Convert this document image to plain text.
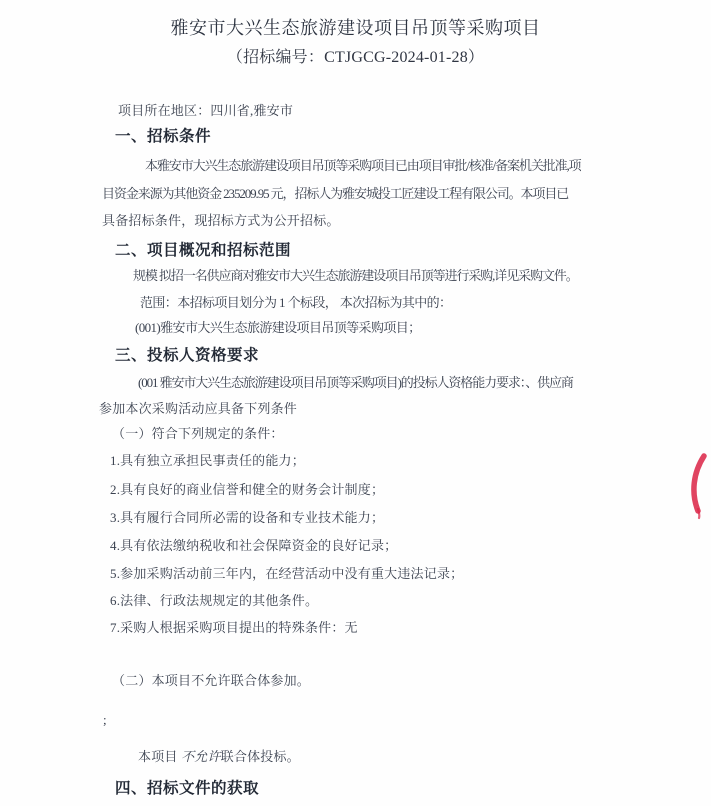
雅安市大兴生态旅游建设项目吊顶等采购项目
（招标编号：CTJGCG-2024-01-28）
项目所在地区：四川省,雅安市
一、招标条件
本雅安市大兴生态旅游建设项目吊顶等采购项目已由项目审批/核准/备案机关批准,项
目资金来源为其他资金 235209.95 元，招标人为雅安城投工匠建设工程有限公司。本项目已
具备招标条件，现招标方式为公开招标。
二、项目概况和招标范围
规模 拟招一名供应商对雅安市大兴生态旅游建设项目吊顶等进行采购,详见采购文件。
范围：本招标项目划分为 1 个标段， 本次招标为其中的：
(001)雅安市大兴生态旅游建设项目吊顶等采购项目；
三、投标人资格要求
(001 雅安市大兴生态旅游建设项目吊顶等采购项目)的投标人资格能力要求：、供应商
参加本次采购活动应具备下列条件
（一）符合下列规定的条件：
1.具有独立承担民事责任的能力；
2.具有良好的商业信誉和健全的财务会计制度；
3.具有履行合同所必需的设备和专业技术能力；
4.具有依法缴纳税收和社会保障资金的良好记录；
5.参加采购活动前三年内，在经营活动中没有重大违法记录；
6.法律、行政法规规定的其他条件。
7.采购人根据采购项目提出的特殊条件：无
（二）本项目不允许联合体参加。
;
本项目 不允许联合体投标。
四、招标文件的获取
